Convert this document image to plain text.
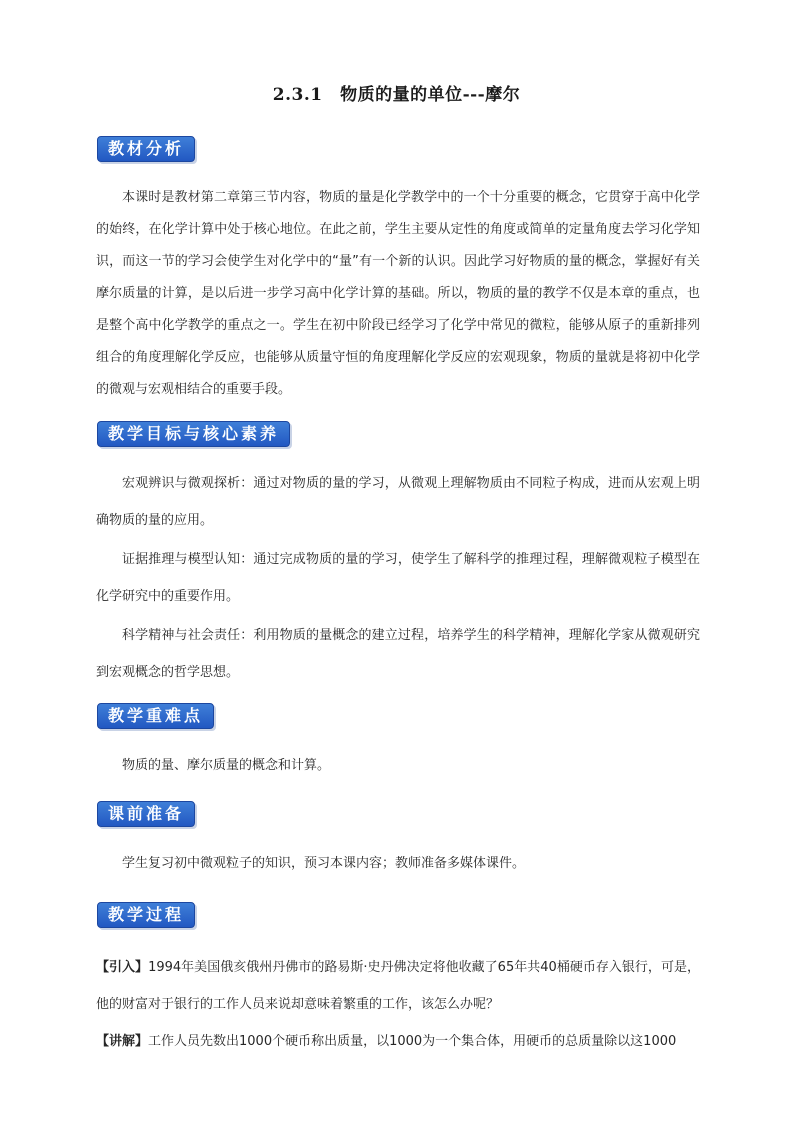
2.3.1　物质的量的单位---摩尔
教材分析

本课时是教材第二章第三节内容，物质的量是化学教学中的一个十分重要的概念，它贯穿于高中化学的始终，在化学计算中处于核心地位。在此之前，学生主要从定性的角度或简单的定量角度去学习化学知识，而这一节的学习会使学生对化学中的“量”有一个新的认识。因此学习好物质的量的概念，掌握好有关摩尔质量的计算，是以后进一步学习高中化学计算的基础。所以，物质的量的教学不仅是本章的重点，也是整个高中化学教学的重点之一。学生在初中阶段已经学习了化学中常见的微粒，能够从原子的重新排列组合的角度理解化学反应，也能够从质量守恒的角度理解化学反应的宏观现象，物质的量就是将初中化学的微观与宏观相结合的重要手段。

教学目标与核心素养

宏观辨识与微观探析：通过对物质的量的学习，从微观上理解物质由不同粒子构成，进而从宏观上明确物质的量的应用。

证据推理与模型认知：通过完成物质的量的学习，使学生了解科学的推理过程，理解微观粒子模型在化学研究中的重要作用。

科学精神与社会责任：利用物质的量概念的建立过程，培养学生的科学精神，理解化学家从微观研究到宏观概念的哲学思想。

教学重难点

物质的量、摩尔质量的概念和计算。

课前准备

学生复习初中微观粒子的知识，预习本课内容；教师准备多媒体课件。

教学过程

【引入】1994年美国俄亥俄州丹佛市的路易斯·史丹佛决定将他收藏了65年共40桶硬币存入银行，可是，他的财富对于银行的工作人员来说却意味着繁重的工作，该怎么办呢？

【讲解】工作人员先数出1000个硬币称出质量，以1000为一个集合体，用硬币的总质量除以这1000
